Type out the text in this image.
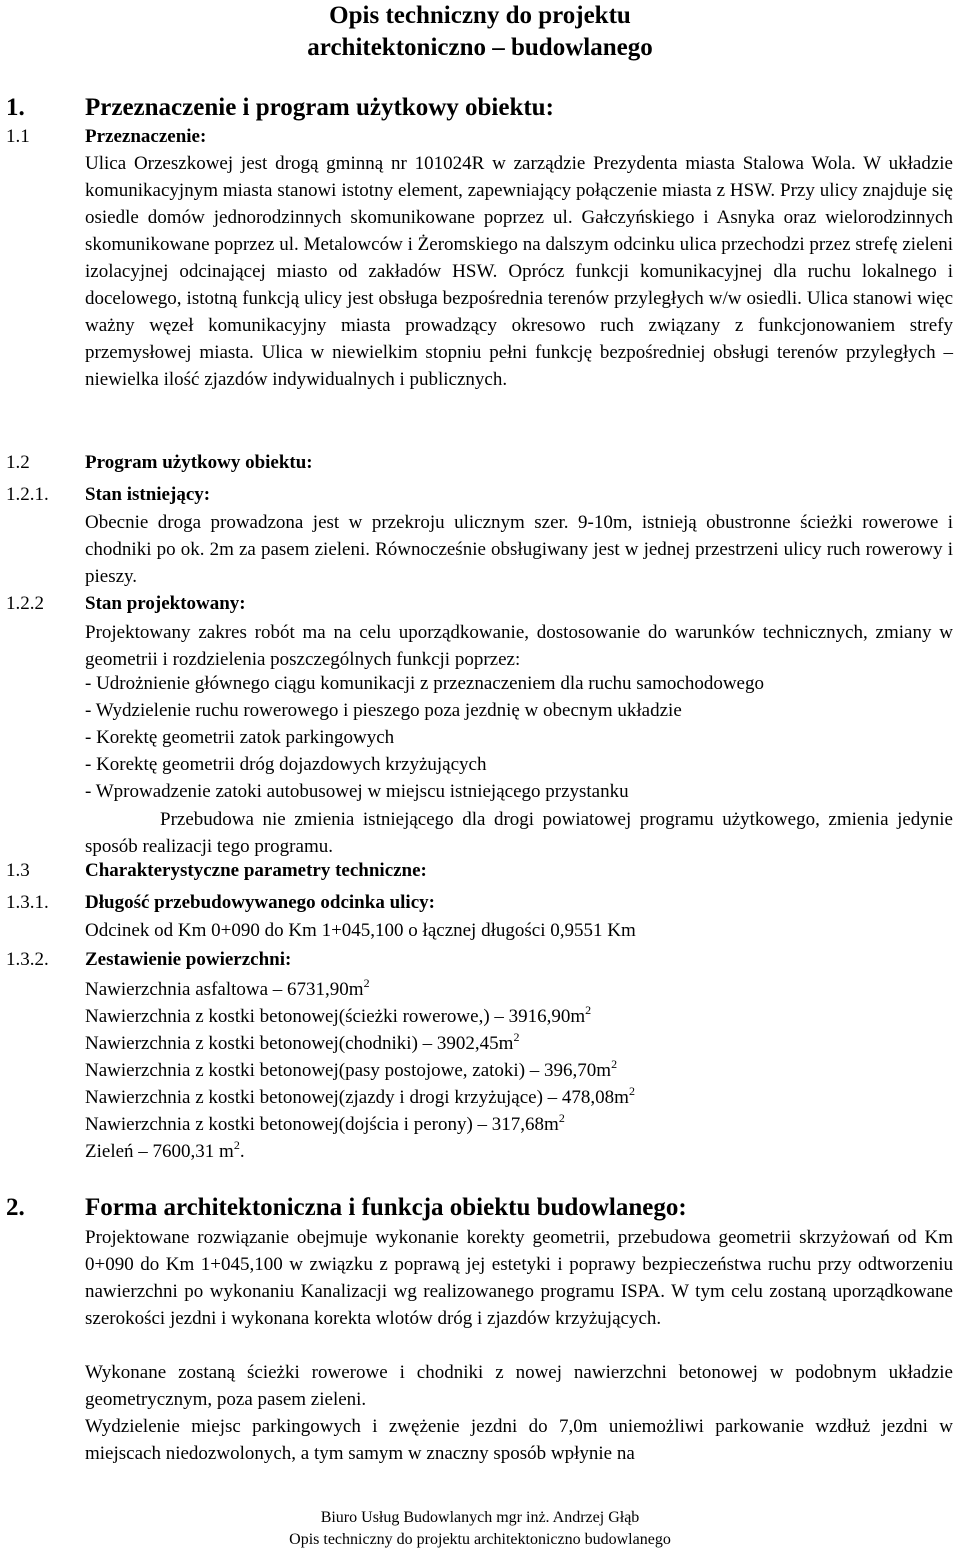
Opis techniczny do projektu
architektoniczno – budowlanego
1. Przeznaczenie i program użytkowy obiektu:
1.1	Przeznaczenie:
Ulica Orzeszkowej jest drogą gminną nr 101024R w zarządzie Prezydenta miasta Stalowa Wola. W układzie komunikacyjnym miasta stanowi istotny element, zapewniający połączenie miasta z HSW. Przy ulicy znajduje się osiedle domów jednorodzinnych skomunikowane poprzez ul. Gałczyńskiego i Asnyka oraz wielorodzinnych skomunikowane poprzez ul. Metalowców i Żeromskiego na dalszym odcinku ulica przechodzi przez strefę zieleni izolacyjnej odcinającej miasto od zakładów HSW. Oprócz funkcji komunikacyjnej dla ruchu lokalnego i docelowego, istotną funkcją ulicy jest obsługa bezpośrednia terenów przyległych w/w osiedli. Ulica stanowi więc ważny węzeł komunikacyjny miasta prowadzący okresowo ruch związany z funkcjonowaniem strefy przemysłowej miasta. Ulica w niewielkim stopniu pełni funkcję bezpośredniej obsługi terenów przyległych – niewielka ilość zjazdów indywidualnych i publicznych.
1.2	Program użytkowy obiektu:
1.2.1. Stan istniejący:
Obecnie droga prowadzona jest w przekroju ulicznym szer. 9-10m, istnieją obustronne ścieżki rowerowe i chodniki po ok. 2m za pasem zieleni. Równocześnie obsługiwany jest w jednej przestrzeni ulicy ruch rowerowy i pieszy.
1.2.2 Stan projektowany:
Projektowany zakres robót ma na celu uporządkowanie, dostosowanie do warunków technicznych, zmiany w geometrii i rozdzielenia poszczególnych funkcji poprzez:
- Udrożnienie głównego ciągu komunikacji z przeznaczeniem dla ruchu samochodowego
- Wydzielenie ruchu rowerowego i pieszego poza jezdnię w obecnym układzie
- Korektę geometrii zatok parkingowych
- Korektę geometrii dróg dojazdowych krzyżujących
- Wprowadzenie zatoki autobusowej w miejscu istniejącego przystanku
Przebudowa nie zmienia istniejącego dla drogi powiatowej programu użytkowego, zmienia jedynie sposób realizacji tego programu.
1.3	Charakterystyczne parametry techniczne:
1.3.1. Długość przebudowywanego odcinka ulicy:
Odcinek od Km 0+090 do Km 1+045,100 o łącznej długości 0,9551 Km
1.3.2. Zestawienie powierzchni:
Nawierzchnia asfaltowa – $6731,90m^2$
Nawierzchnia z kostki betonowej(ścieżki rowerowe,) – $3916,90m^2$
Nawierzchnia z kostki betonowej(chodniki) – $3902,45m^2$
Nawierzchnia z kostki betonowej(pasy postojowe, zatoki) – $396,70m^2$
Nawierzchnia z kostki betonowej(zjazdy i drogi krzyżujące) – $478,08m^2$
Nawierzchnia z kostki betonowej(dojścia i perony) – $317,68m^2$
Zieleń – 7600,31 $m^2$.
2. Forma architektoniczna i funkcja obiektu budowlanego:
Projektowane rozwiązanie obejmuje wykonanie korekty geometrii, przebudowa geometrii skrzyżowań od Km 0+090 do Km 1+045,100 w związku z poprawą jej estetyki i poprawy bezpieczeństwa ruchu przy odtworzeniu nawierzchni po wykonaniu Kanalizacji wg realizowanego programu ISPA. W tym celu zostaną uporządkowane szerokości jezdni i wykonana korekta wlotów dróg i zjazdów krzyżujących.
Wykonane zostaną ścieżki rowerowe i chodniki z nowej nawierzchni betonowej w podobnym układzie geometrycznym, poza pasem zieleni.
Wydzielenie miejsc parkingowych i zwężenie jezdni do 7,0m uniemożliwi parkowanie wzdłuż jezdni w miejscach niedozwolonych, a tym samym w znaczny sposób wpłynie na
Biuro Usług Budowlanych mgr inż. Andrzej Głąb
Opis techniczny do projektu architektoniczno budowlanego
